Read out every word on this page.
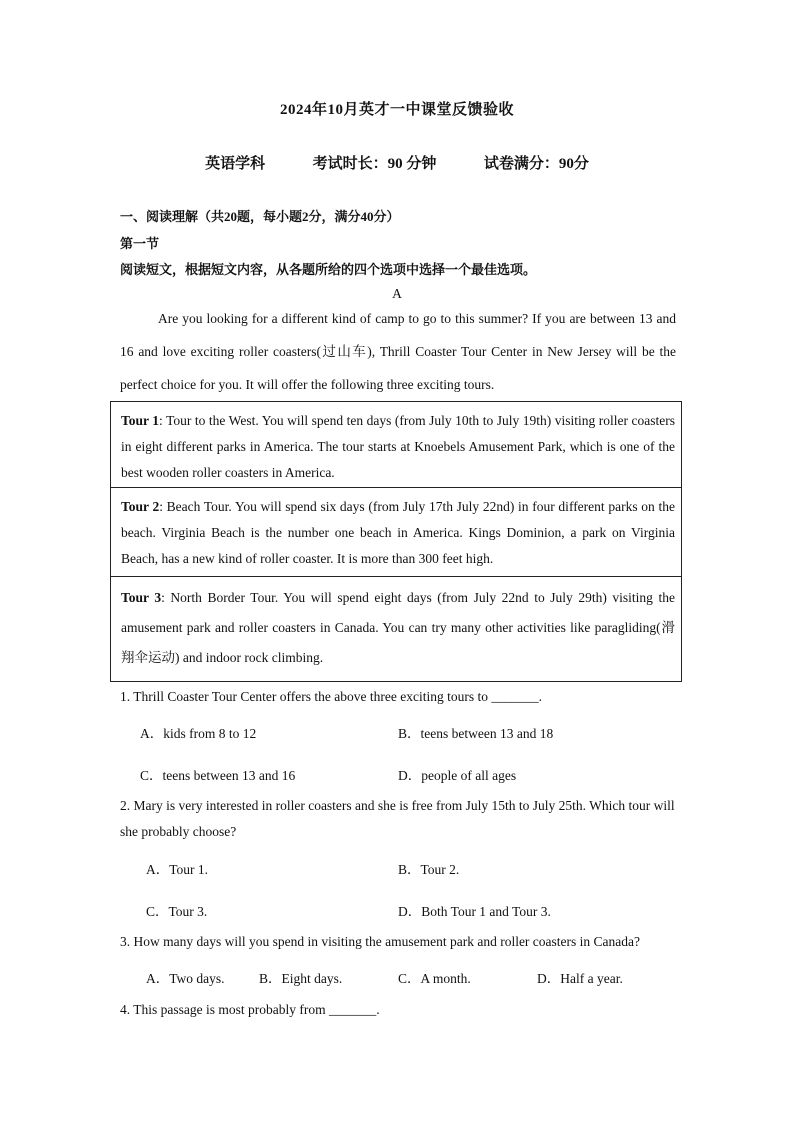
2024年10月英才一中课堂反馈验收
英语学科	考试时长：90 分钟	试卷满分：90分
一、阅读理解（共20题，每小题2分，满分40分）
第一节
阅读短文，根据短文内容，从各题所给的四个选项中选择一个最佳选项。
A
Are you looking for a different kind of camp to go to this summer? If you are between 13 and 16 and love exciting roller coasters(过山车), Thrill Coaster Tour Center in New Jersey will be the perfect choice for you. It will offer the following three exciting tours.
Tour 1: Tour to the West. You will spend ten days (from July 10th to July 19th) visiting roller coasters in eight different parks in America. The tour starts at Knoebels Amusement Park, which is one of the best wooden roller coasters in America.
Tour 2: Beach Tour. You will spend six days (from July 17th July 22nd) in four different parks on the beach. Virginia Beach is the number one beach in America. Kings Dominion, a park on Virginia Beach, has a new kind of roller coaster. It is more than 300 feet high.
Tour 3: North Border Tour. You will spend eight days (from July 22nd to July 29th) visiting the amusement park and roller coasters in Canada. You can try many other activities like paragliding(滑翔伞运动) and indoor rock climbing.
1. Thrill Coaster Tour Center offers the above three exciting tours to _______.
A．kids from 8 to 12	B．teens between 13 and 18
C．teens between 13 and 16	D．people of all ages
2. Mary is very interested in roller coasters and she is free from July 15th to July 25th. Which tour will she probably choose?
A．Tour 1.	B．Tour 2.
C．Tour 3.	D．Both Tour 1 and Tour 3.
3. How many days will you spend in visiting the amusement park and roller coasters in Canada?
A．Two days.	B．Eight days.	C．A month.	D．Half a year.
4. This passage is most probably from _______.
